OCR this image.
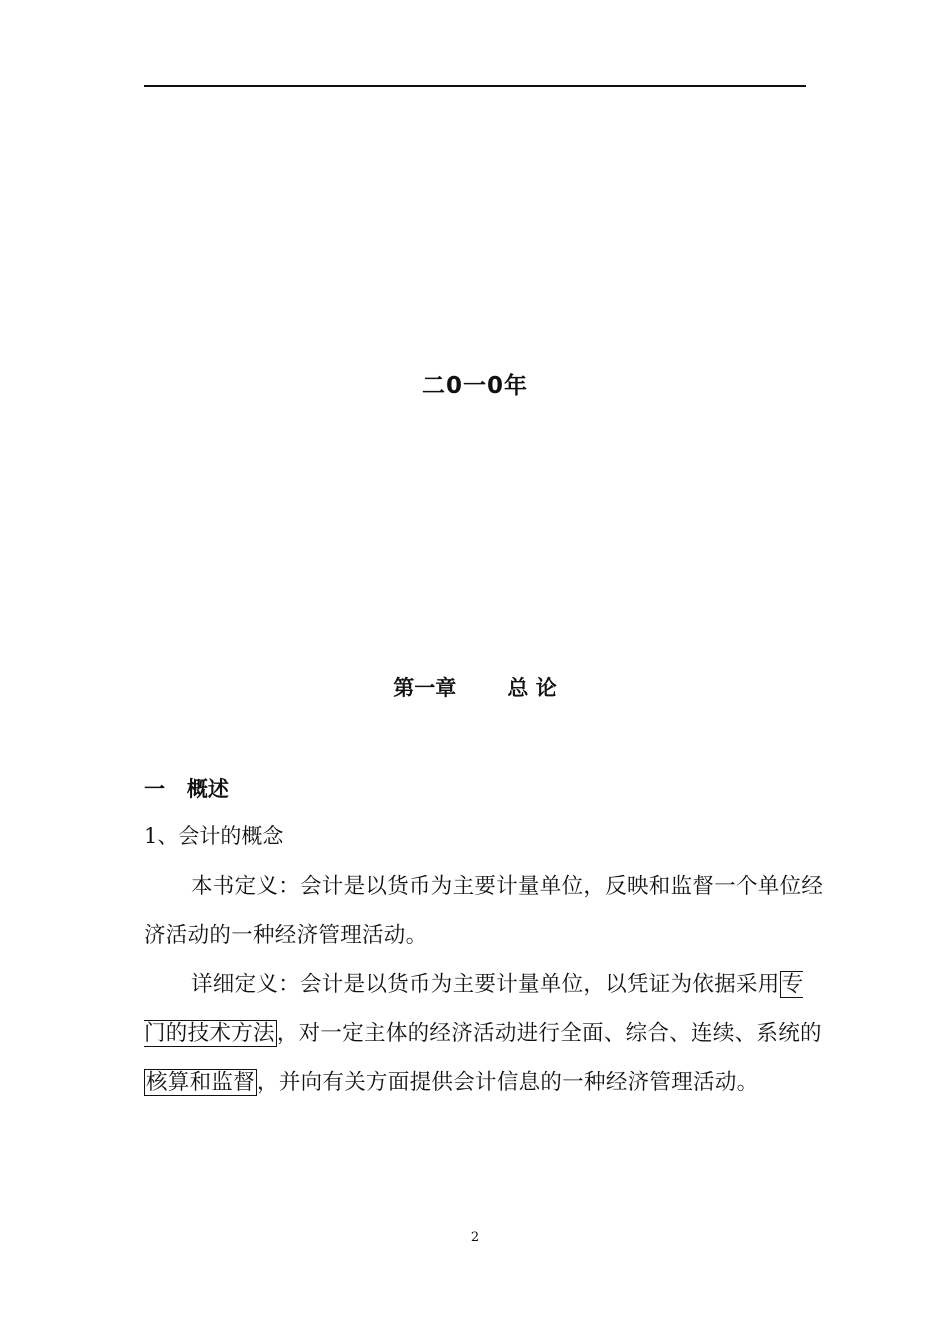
二0一0年
第一章       总 论
一   概述
1、会计的概念
本书定义：会计是以货币为主要计量单位，反映和监督一个单位经济活动的一种经济管理活动。
详细定义：会计是以货币为主要计量单位，以凭证为依据采用专门的技术方法，对一定主体的经济活动进行全面、综合、连续、系统的核算和监督，并向有关方面提供会计信息的一种经济管理活动。
2
